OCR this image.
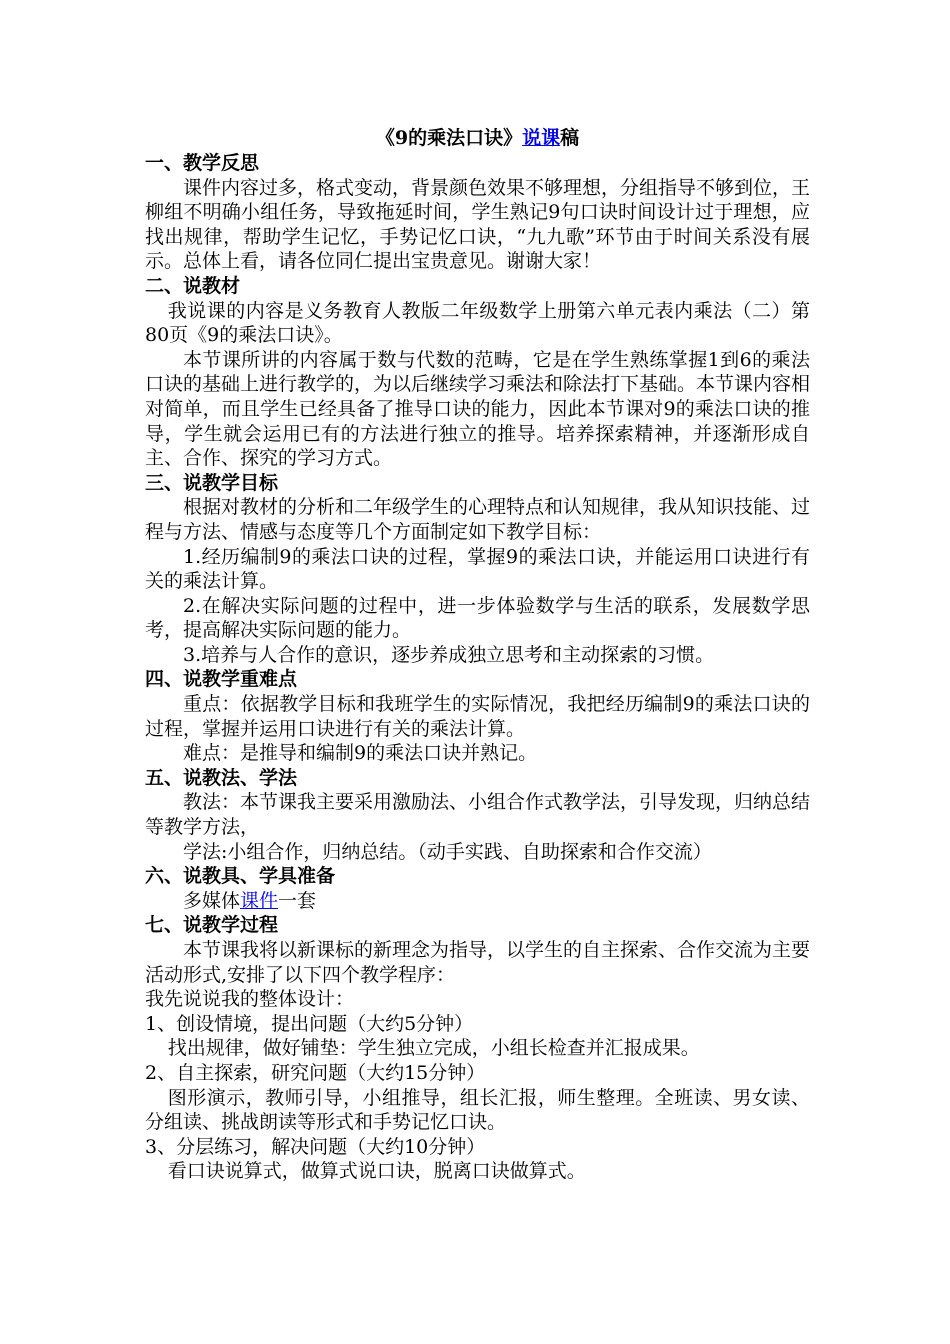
《9的乘法口诀》说课稿

一、教学反思

课件内容过多，格式变动，背景颜色效果不够理想，分组指导不够到位，王柳组不明确小组任务，导致拖延时间，学生熟记9句口诀时间设计过于理想，应找出规律，帮助学生记忆，手势记忆口诀，“九九歌”环节由于时间关系没有展示。总体上看，请各位同仁提出宝贵意见。谢谢大家！

二、说教材

我说课的内容是义务教育人教版二年级数学上册第六单元表内乘法（二）第80页《9的乘法口诀》。

本节课所讲的内容属于数与代数的范畴，它是在学生熟练掌握1到6的乘法口诀的基础上进行教学的，为以后继续学习乘法和除法打下基础。本节课内容相对简单，而且学生已经具备了推导口诀的能力，因此本节课对9的乘法口诀的推导，学生就会运用已有的方法进行独立的推导。培养探索精神，并逐渐形成自主、合作、探究的学习方式。

三、说教学目标

根据对教材的分析和二年级学生的心理特点和认知规律，我从知识技能、过程与方法、情感与态度等几个方面制定如下教学目标：

1.经历编制9的乘法口诀的过程，掌握9的乘法口诀，并能运用口诀进行有关的乘法计算。

2.在解决实际问题的过程中，进一步体验数学与生活的联系，发展数学思考，提高解决实际问题的能力。

3.培养与人合作的意识，逐步养成独立思考和主动探索的习惯。

四、说教学重难点

重点：依据教学目标和我班学生的实际情况，我把经历编制9的乘法口诀的过程，掌握并运用口诀进行有关的乘法计算。

难点：是推导和编制9的乘法口诀并熟记。

五、说教法、学法

教法：本节课我主要采用激励法、小组合作式教学法，引导发现，归纳总结等教学方法，

学法:小组合作，归纳总结。（动手实践、自助探索和合作交流）

六、说教具、学具准备

多媒体课件一套

七、说教学过程

本节课我将以新课标的新理念为指导，以学生的自主探索、合作交流为主要活动形式,安排了以下四个教学程序：

我先说说我的整体设计：

1、创设情境，提出问题（大约5分钟）

找出规律，做好铺垫：学生独立完成，小组长检查并汇报成果。

2、自主探索，研究问题（大约15分钟）

图形演示，教师引导，小组推导，组长汇报，师生整理。全班读、男女读、分组读、挑战朗读等形式和手势记忆口诀。

3、分层练习，解决问题（大约10分钟）

看口诀说算式，做算式说口诀，脱离口诀做算式。
